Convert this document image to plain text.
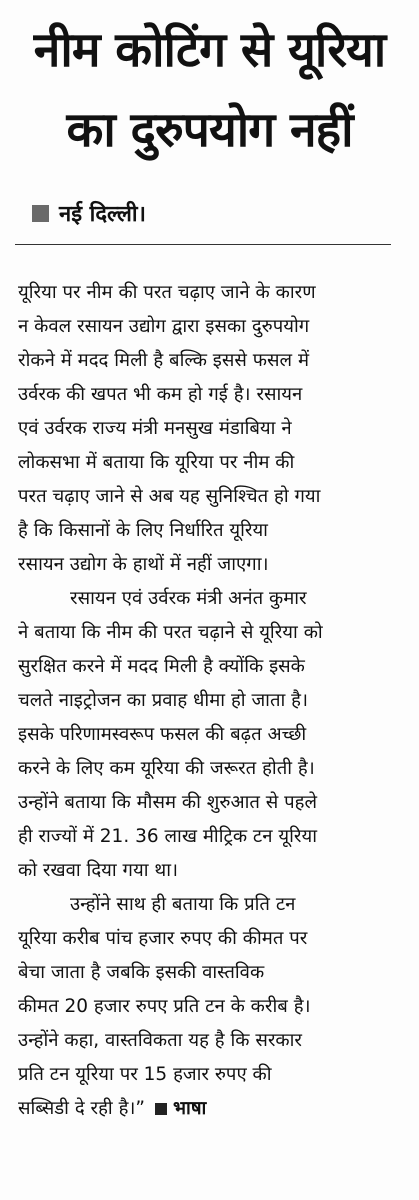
नीम कोटिंग से यूरिया
का दुरुपयोग नहीं
नई दिल्ली।
यूरिया पर नीम की परत चढ़ाए जाने के कारण
न केवल रसायन उद्योग द्वारा इसका दुरुपयोग
रोकने में मदद मिली है बल्कि इससे फसल में
उर्वरक की खपत भी कम हो गई है। रसायन
एवं उर्वरक राज्य मंत्री मनसुख मंडाबिया ने
लोकसभा में बताया कि यूरिया पर नीम की
परत चढ़ाए जाने से अब यह सुनिश्चित हो गया
है कि किसानों के लिए निर्धारित यूरिया
रसायन उद्योग के हाथों में नहीं जाएगा।
रसायन एवं उर्वरक मंत्री अनंत कुमार
ने बताया कि नीम की परत चढ़ाने से यूरिया को
सुरक्षित करने में मदद मिली है क्योंकि इसके
चलते नाइट्रोजन का प्रवाह धीमा हो जाता है।
इसके परिणामस्वरूप फसल की बढ़त अच्छी
करने के लिए कम यूरिया की जरूरत होती है।
उन्होंने बताया कि मौसम की शुरुआत से पहले
ही राज्यों में 21. 36 लाख मीट्रिक टन यूरिया
को रखवा दिया गया था।
उन्होंने साथ ही बताया कि प्रति टन
यूरिया करीब पांच हजार रुपए की कीमत पर
बेचा जाता है जबकि इसकी वास्तविक
कीमत 20 हजार रुपए प्रति टन के करीब है।
उन्होंने कहा, वास्तविकता यह है कि सरकार
प्रति टन यूरिया पर 15 हजार रुपए की
सब्सिडी दे रही है।” भाषा
